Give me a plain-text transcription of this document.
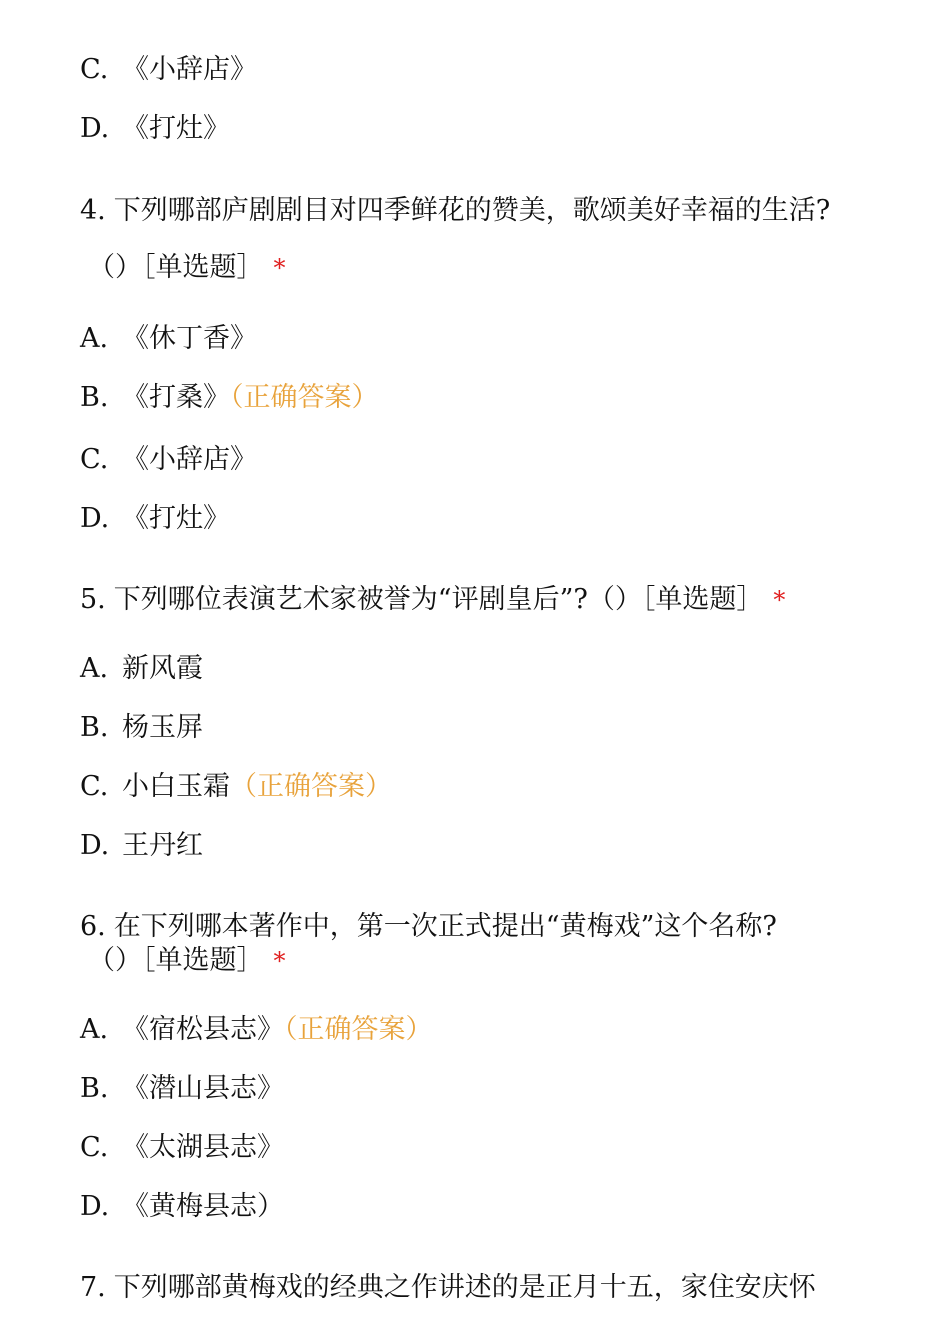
C. 《小辞店》
D. 《打灶》
4. 下列哪部庐剧剧目对四季鲜花的赞美，歌颂美好幸福的生活?
（）［单选题］ *
A. 《休丁香》
B. 《打桑》（正确答案）
C. 《小辞店》
D. 《打灶》
5. 下列哪位表演艺术家被誉为“评剧皇后”?（）［单选题］ *
A. 新风霞
B. 杨玉屏
C. 小白玉霜（正确答案）
D. 王丹红
6. 在下列哪本著作中，第一次正式提出“黄梅戏”这个名称?
（）［单选题］ *
A. 《宿松县志》（正确答案）
B. 《潜山县志》
C. 《太湖县志》
D. 《黄梅县志）
7. 下列哪部黄梅戏的经典之作讲述的是正月十五，家住安庆怀
